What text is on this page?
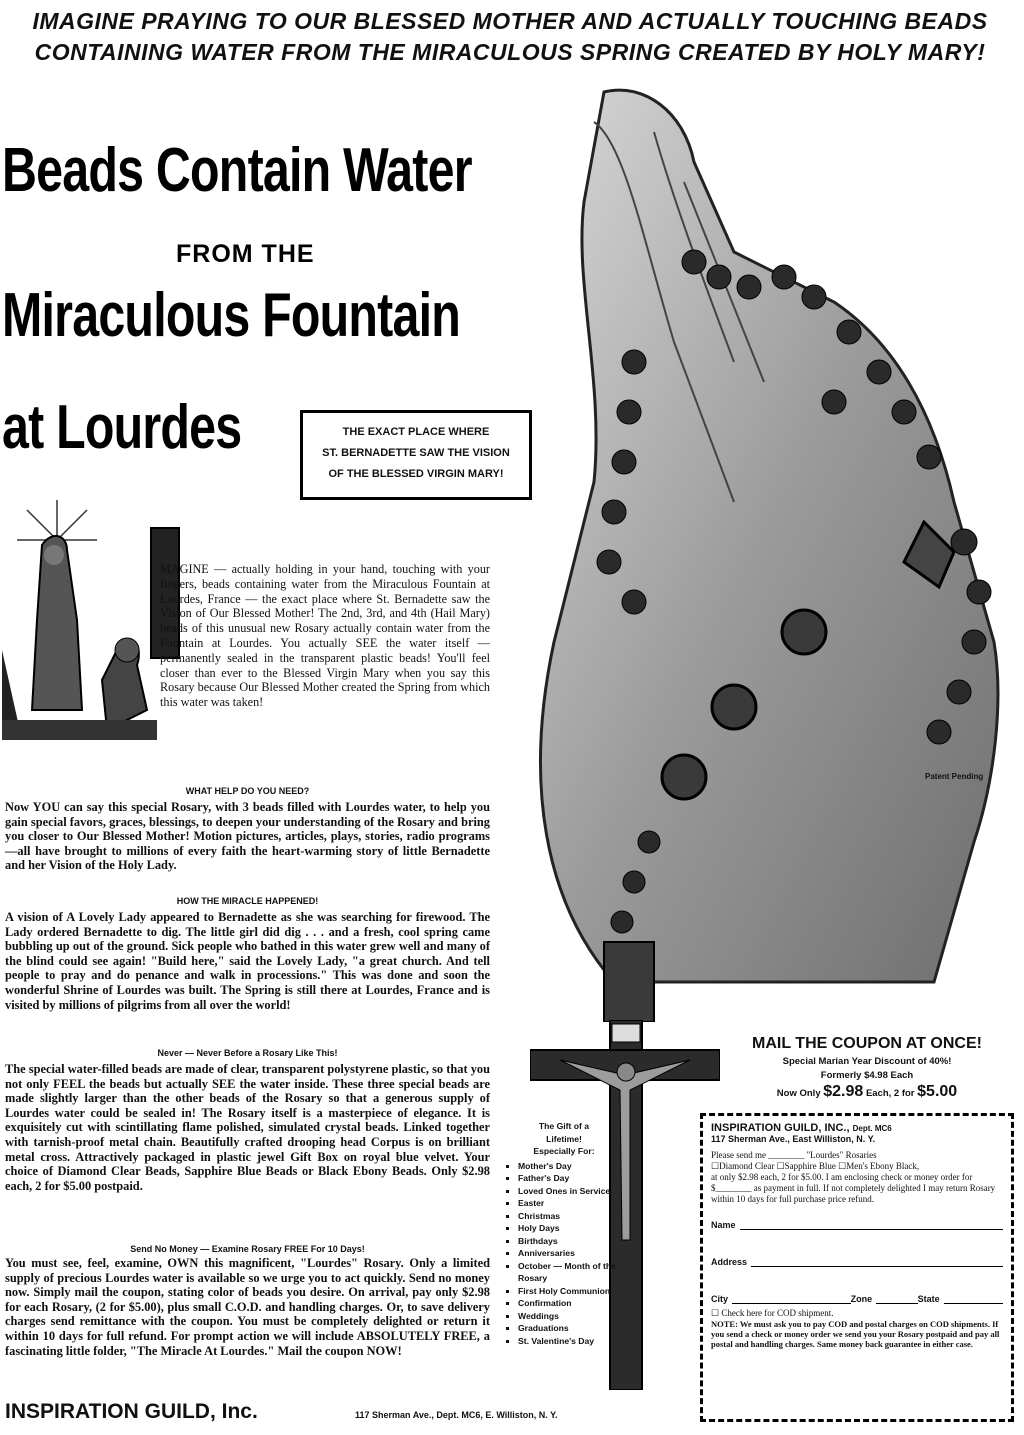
IMAGINE PRAYING TO OUR BLESSED MOTHER AND ACTUALLY TOUCHING BEADS
CONTAINING WATER FROM THE MIRACULOUS SPRING CREATED BY HOLY MARY!
Beads Contain Water
FROM THE
Miraculous Fountain
at Lourdes	THE EXACT PLACE WHERE
ST. BERNADETTE SAW THE VISION
OF THE BLESSED VIRGIN MARY!
MAGINE — actually holding in your hand, touching with your fingers, beads containing water from the Miraculous Fountain at Lourdes, France — the exact place where St. Bernadette saw the Vision of Our Blessed Mother! The 2nd, 3rd, and 4th (Hail Mary) beads of this unusual new Rosary actually contain water from the Fountain at Lourdes. You actually SEE the water itself — permanently sealed in the transparent plastic beads! You'll feel closer than ever to the Blessed Virgin Mary when you say this Rosary because Our Blessed Mother created the Spring from which this water was taken!
WHAT HELP DO YOU NEED?
Now YOU can say this special Rosary, with 3 beads filled with Lourdes water, to help you gain special favors, graces, blessings, to deepen your understanding of the Rosary and bring you closer to Our Blessed Mother! Motion pictures, articles, plays, stories, radio programs—all have brought to millions of every faith the heart-warming story of little Bernadette and her Vision of the Holy Lady.
HOW THE MIRACLE HAPPENED!
A vision of A Lovely Lady appeared to Bernadette as she was searching for firewood. The Lady ordered Bernadette to dig. The little girl did dig . . . and a fresh, cool spring came bubbling up out of the ground. Sick people who bathed in this water grew well and many of the blind could see again! "Build here," said the Lovely Lady, "a great church. And tell people to pray and do penance and walk in processions." This was done and soon the wonderful Shrine of Lourdes was built. The Spring is still there at Lourdes, France and is visited by millions of pilgrims from all over the world!
Never — Never Before a Rosary Like This!
The special water-filled beads are made of clear, transparent polystyrene plastic, so that you not only FEEL the beads but actually SEE the water inside. These three special beads are made slightly larger than the other beads of the Rosary so that a generous supply of Lourdes water could be sealed in! The Rosary itself is a masterpiece of elegance. It is exquisitely cut with scintillating flame polished, simulated crystal beads. Linked together with tarnish-proof metal chain. Beautifully crafted drooping head Corpus is on brilliant metal cross. Attractively packaged in plastic jewel Gift Box on royal blue velvet. Your choice of Diamond Clear Beads, Sapphire Blue Beads or Black Ebony Beads. Only $2.98 each, 2 for $5.00 postpaid.
Send No Money — Examine Rosary FREE For 10 Days!
You must see, feel, examine, OWN this magnificent, "Lourdes" Rosary. Only a limited supply of precious Lourdes water is available so we urge you to act quickly. Send no money now. Simply mail the coupon, stating color of beads you desire. On arrival, pay only $2.98 for each Rosary, (2 for $5.00), plus small C.O.D. and handling charges. Or, to save delivery charges send remittance with the coupon. You must be completely delighted or return it within 10 days for full refund. For prompt action we will include ABSOLUTELY FREE, a fascinating little folder, "The Miracle At Lourdes." Mail the coupon NOW!
Patent Pending
The Gift of a
Lifetime!
Especially For:
▪ Mother's Day
▪ Father's Day
▪ Loved Ones in Service
▪ Easter
▪ Christmas
▪ Holy Days
▪ Birthdays
▪ Anniversaries
▪ October — Month of the Rosary
▪ First Holy Communion
▪ Confirmation
▪ Weddings
▪ Graduations
▪ St. Valentine's Day
MAIL THE COUPON AT ONCE!
Special Marian Year Discount of 40%!
Formerly $4.98 Each
Now Only $2.98 Each, 2 for $5.00
INSPIRATION GUILD, INC., Dept. MC6
117 Sherman Ave., East Williston, N. Y.
Please send me ________ "Lourdes" Rosaries
☐Diamond Clear ☐Sapphire Blue ☐Men's Ebony Black,
at only $2.98 each, 2 for $5.00. I am enclosing check or money order for $________ as payment in full. If not completely delighted I may return Rosary within 10 days for full purchase price refund.
Name
Address
City	Zone	State
☐ Check here for COD shipment.
NOTE: We must ask you to pay COD and postal charges on COD shipments. If you send a check or money order we send you your Rosary postpaid and pay all postal and handling charges. Same money back guarantee in either case.
INSPIRATION GUILD, Inc.	117 Sherman Ave., Dept. MC6, E. Williston, N. Y.
